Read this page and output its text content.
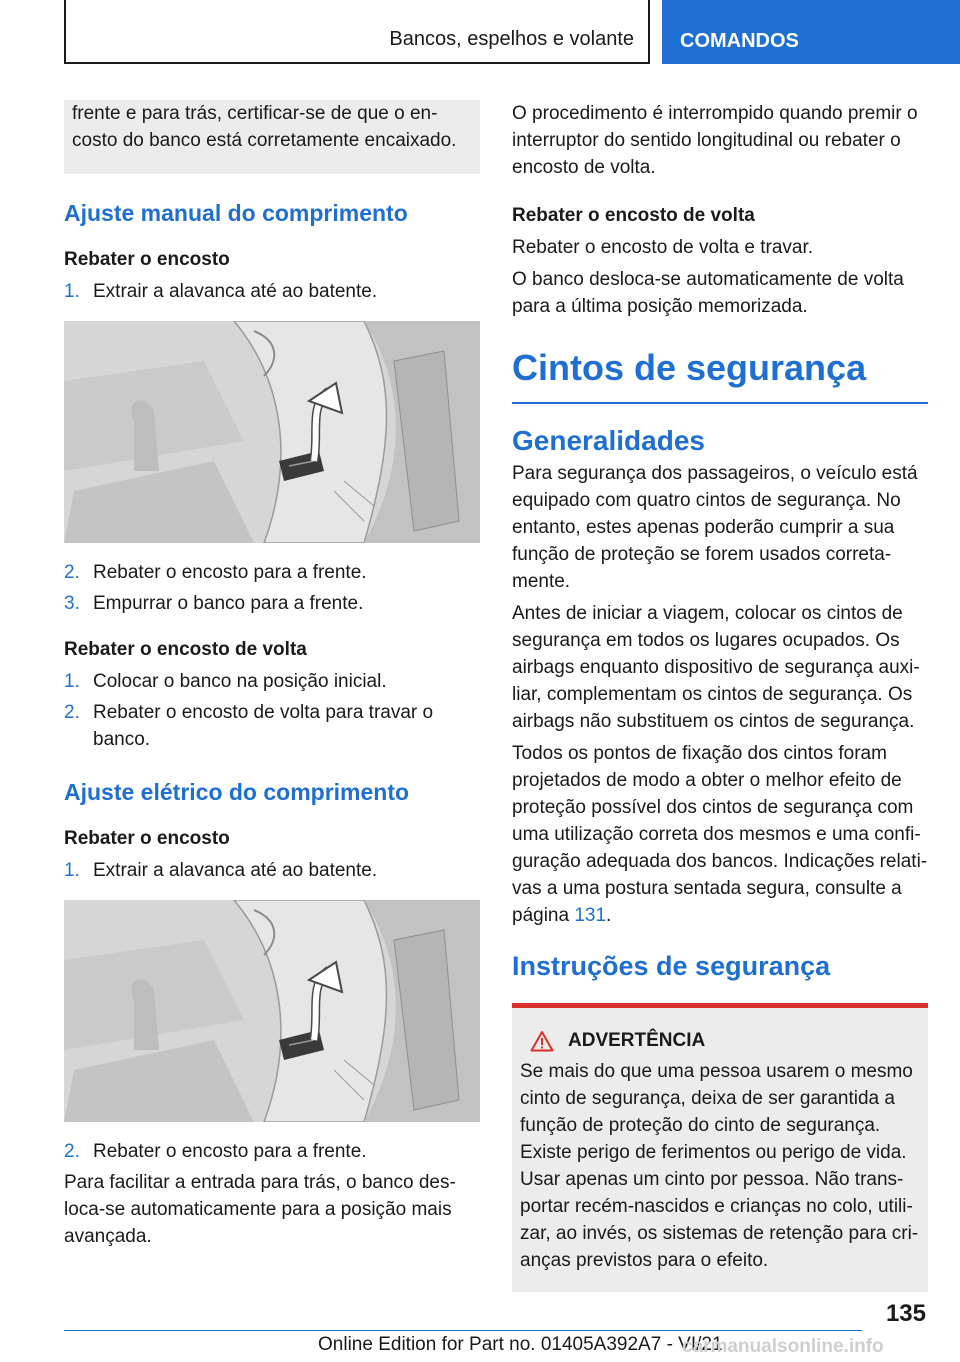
Bancos, espelhos e volante COMANDOS

frente e para trás, certificar-se de que o en- costo do banco está corretamente encaixado.

Ajuste manual do comprimento
Rebater o encosto
1. Extrair a alavanca até ao batente.
2. Rebater o encosto para a frente.
3. Empurrar o banco para a frente.
Rebater o encosto de volta
1. Colocar o banco na posição inicial.
2. Rebater o encosto de volta para travar o banco.
Ajuste elétrico do comprimento
Rebater o encosto
1. Extrair a alavanca até ao batente.
2. Rebater o encosto para a frente.

Para facilitar a entrada para trás, o banco des- loca-se automaticamente para a posição mais avançada.

O procedimento é interrompido quando premir o interruptor do sentido longitudinal ou rebater o encosto de volta.

Rebater o encosto de volta

Rebater o encosto de volta e travar.

O banco desloca-se automaticamente de volta para a última posição memorizada.

Cintos de segurança
Generalidades

Para segurança dos passageiros, o veículo está equipado com quatro cintos de segurança. No entanto, estes apenas poderão cumprir a sua função de proteção se forem usados correta- mente.

Antes de iniciar a viagem, colocar os cintos de segurança em todos os lugares ocupados. Os airbags enquanto dispositivo de segurança auxi- liar, complementam os cintos de segurança. Os airbags não substituem os cintos de segurança.

Todos os pontos de fixação dos cintos foram projetados de modo a obter o melhor efeito de proteção possível dos cintos de segurança com uma utilização correta dos mesmos e uma confi- guração adequada dos bancos. Indicações relati- vas a uma postura sentada segura, consulte a página 131.

Instruções de segurança
ADVERTÊNCIA

Se mais do que uma pessoa usarem o mesmo cinto de segurança, deixa de ser garantida a função de proteção do cinto de segurança. Existe perigo de ferimentos ou perigo de vida. Usar apenas um cinto por pessoa. Não trans- portar recém-nascidos e crianças no colo, utili- zar, ao invés, os sistemas de retenção para cri- anças previstos para o efeito.

135
Online Edition for Part no. 01405A392A7 - VI/21
carmanualsonline.info
